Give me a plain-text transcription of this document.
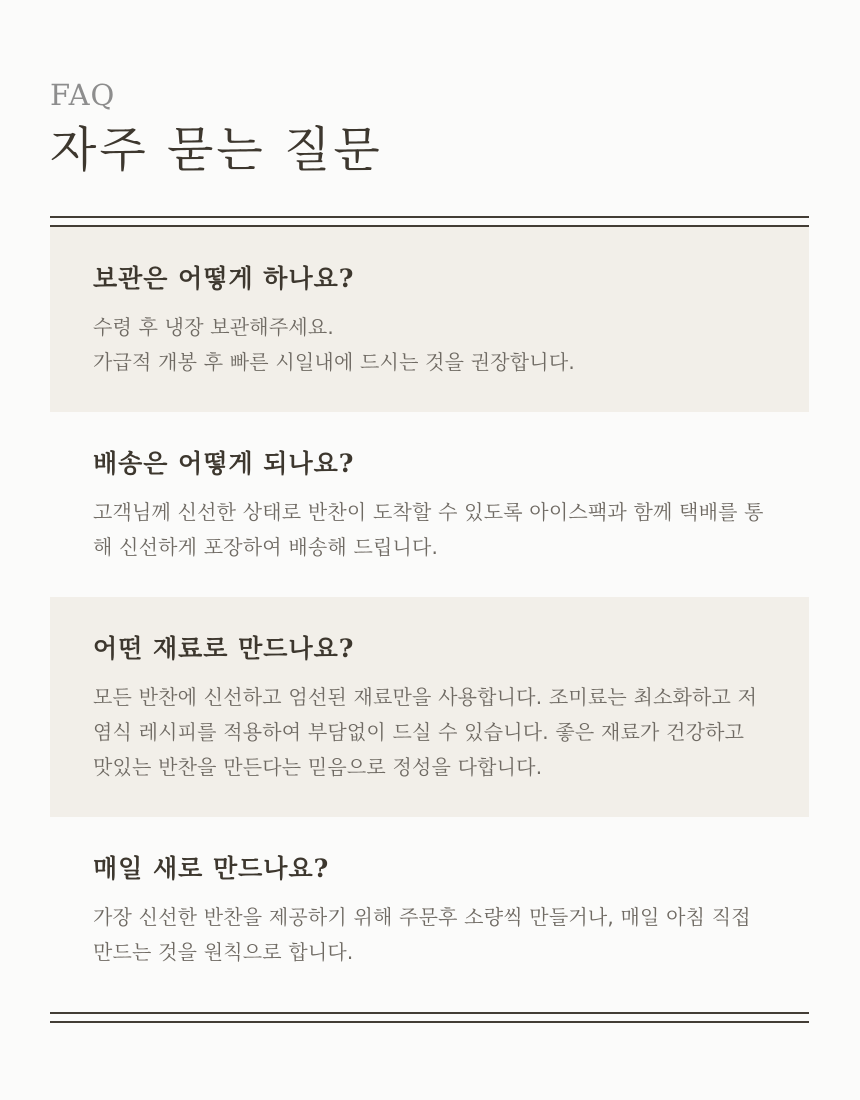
FAQ
자주 묻는 질문
보관은 어떻게 하나요?
수령 후 냉장 보관해주세요.
가급적 개봉 후 빠른 시일내에 드시는 것을 권장합니다.
배송은 어떻게 되나요?
고객님께 신선한 상태로 반찬이 도착할 수 있도록 아이스팩과 함께 택배를 통해 신선하게 포장하여 배송해 드립니다.
어떤 재료로 만드나요?
모든 반찬에 신선하고 엄선된 재료만을 사용합니다. 조미료는 최소화하고 저염식 레시피를 적용하여 부담없이 드실 수 있습니다. 좋은 재료가 건강하고 맛있는 반찬을 만든다는 믿음으로 정성을 다합니다.
매일 새로 만드나요?
가장 신선한 반찬을 제공하기 위해 주문후 소량씩 만들거나, 매일 아침 직접 만드는 것을 원칙으로 합니다.
